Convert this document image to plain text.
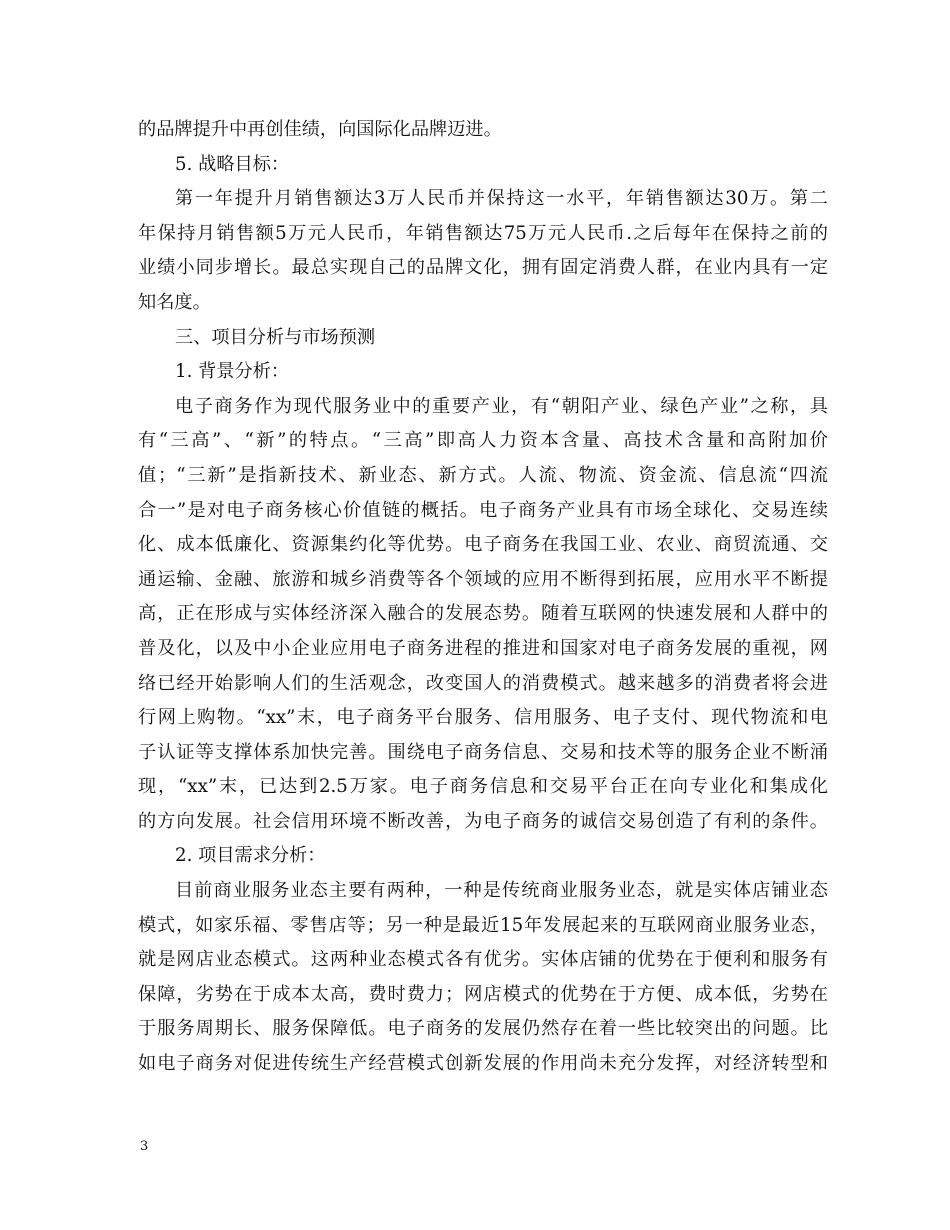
的品牌提升中再创佳绩，向国际化品牌迈进。
5. 战略目标：
第一年提升月销售额达3万人民币并保持这一水平，年销售额达30万。第二
年保持月销售额5万元人民币，年销售额达75万元人民币.之后每年在保持之前的
业绩小同步增长。最总实现自己的品牌文化，拥有固定消费人群，在业内具有一定
知名度。
三、项目分析与市场预测
1. 背景分析：
电子商务作为现代服务业中的重要产业，有“朝阳产业、绿色产业”之称，具
有“三高”、“新”的特点。“三高”即高人力资本含量、高技术含量和高附加价
值；“三新”是指新技术、新业态、新方式。人流、物流、资金流、信息流“四流
合一”是对电子商务核心价值链的概括。电子商务产业具有市场全球化、交易连续
化、成本低廉化、资源集约化等优势。电子商务在我国工业、农业、商贸流通、交
通运输、金融、旅游和城乡消费等各个领域的应用不断得到拓展，应用水平不断提
高，正在形成与实体经济深入融合的发展态势。随着互联网的快速发展和人群中的
普及化，以及中小企业应用电子商务进程的推进和国家对电子商务发展的重视，网
络已经开始影响人们的生活观念，改变国人的消费模式。越来越多的消费者将会进
行网上购物。“xx”末，电子商务平台服务、信用服务、电子支付、现代物流和电
子认证等支撑体系加快完善。围绕电子商务信息、交易和技术等的服务企业不断涌
现，“xx”末，已达到2.5万家。电子商务信息和交易平台正在向专业化和集成化
的方向发展。社会信用环境不断改善，为电子商务的诚信交易创造了有利的条件。
2. 项目需求分析：
目前商业服务业态主要有两种，一种是传统商业服务业态，就是实体店铺业态
模式，如家乐福、零售店等；另一种是最近15年发展起来的互联网商业服务业态，
就是网店业态模式。这两种业态模式各有优劣。实体店铺的优势在于便利和服务有
保障，劣势在于成本太高，费时费力；网店模式的优势在于方便、成本低，劣势在
于服务周期长、服务保障低。电子商务的发展仍然存在着一些比较突出的问题。比
如电子商务对促进传统生产经营模式创新发展的作用尚未充分发挥，对经济转型和
3
